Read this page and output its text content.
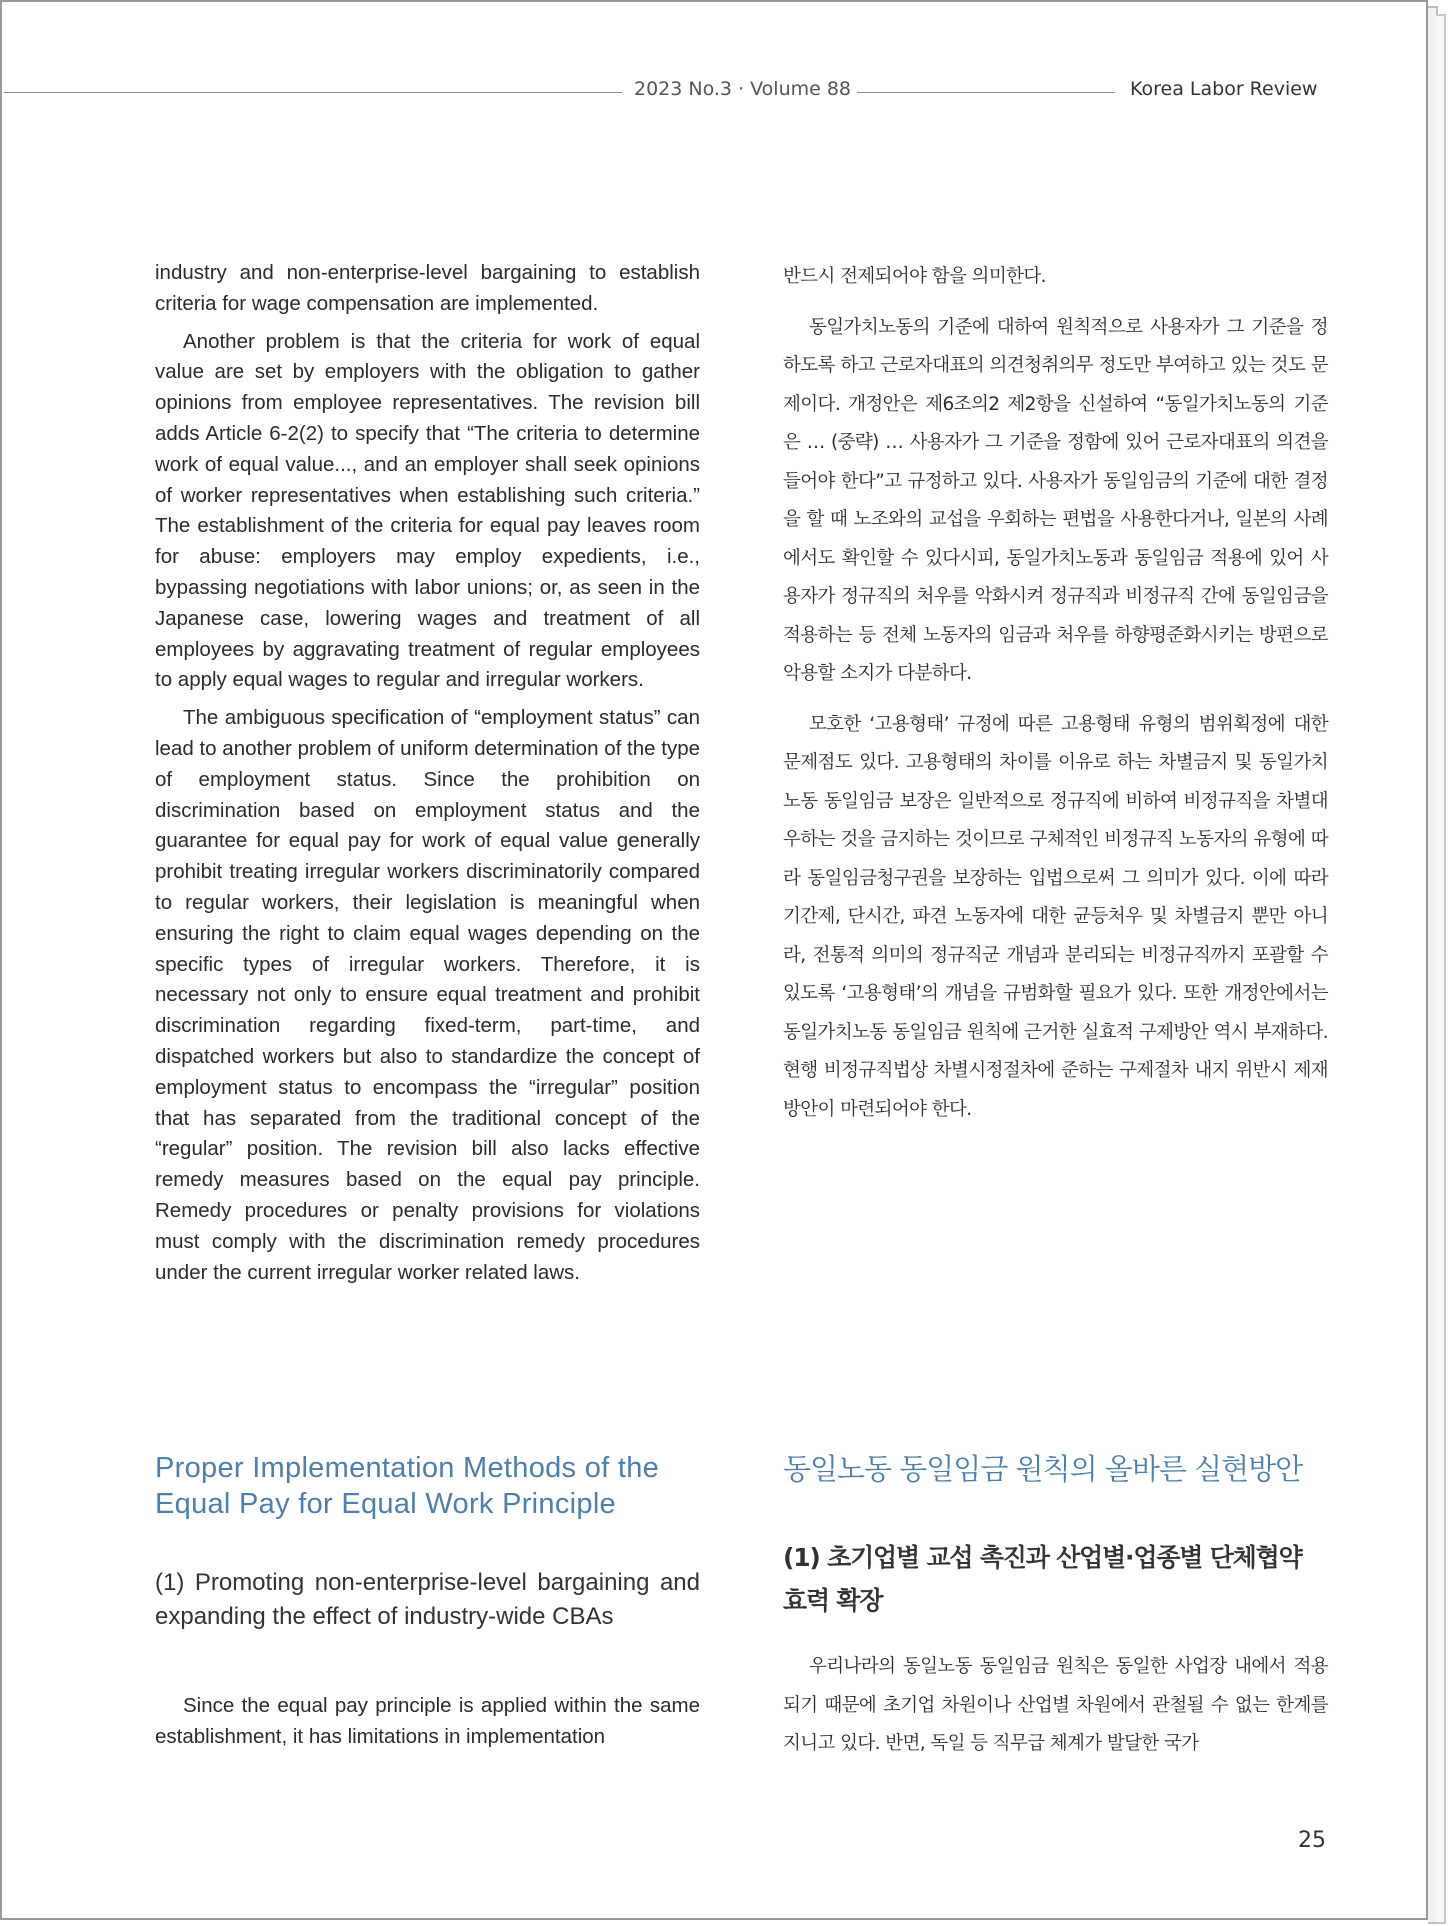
2023 No.3 · Volume 88	Korea Labor Review

industry and non-enterprise-level bargaining to establish criteria for wage compensation are implemented.

Another problem is that the criteria for work of equal value are set by employers with the obligation to gather opinions from employee representatives. The revision bill adds Article 6-2(2) to specify that “The criteria to determine work of equal value..., and an employer shall seek opinions of worker representatives when establishing such criteria.” The establishment of the criteria for equal pay leaves room for abuse: employers may employ expedients, i.e., bypassing negotiations with labor unions; or, as seen in the Japanese case, lowering wages and treatment of all employees by aggravating treatment of regular employees to apply equal wages to regular and irregular workers.

The ambiguous specification of “employment status” can lead to another problem of uniform determination of the type of employment status. Since the prohibition on discrimination based on employment status and the guarantee for equal pay for work of equal value generally prohibit treating irregular workers discriminatorily compared to regular workers, their legislation is meaningful when ensuring the right to claim equal wages depending on the specific types of irregular workers. Therefore, it is necessary not only to ensure equal treatment and prohibit discrimination regarding fixed-term, part-time, and dispatched workers but also to standardize the concept of employment status to encompass the “irregular” position that has separated from the traditional concept of the “regular” position. The revision bill also lacks effective remedy measures based on the equal pay principle. Remedy procedures or penalty provisions for violations must comply with the discrimination remedy procedures under the current irregular worker related laws.

반드시 전제되어야 함을 의미한다.

동일가치노동의 기준에 대하여 원칙적으로 사용자가 그 기준을 정하도록 하고 근로자대표의 의견청취의무 정도만 부여하고 있는 것도 문제이다. 개정안은 제6조의2 제2항을 신설하여 “동일가치노동의 기준은 … (중략) … 사용자가 그 기준을 정함에 있어 근로자대표의 의견을 들어야 한다”고 규정하고 있다. 사용자가 동일임금의 기준에 대한 결정을 할 때 노조와의 교섭을 우회하는 편법을 사용한다거나, 일본의 사례에서도 확인할 수 있다시피, 동일가치노동과 동일임금 적용에 있어 사용자가 정규직의 처우를 악화시켜 정규직과 비정규직 간에 동일임금을 적용하는 등 전체 노동자의 임금과 처우를 하향평준화시키는 방편으로 악용할 소지가 다분하다.

모호한 ‘고용형태’ 규정에 따른 고용형태 유형의 범위획정에 대한 문제점도 있다. 고용형태의 차이를 이유로 하는 차별금지 및 동일가치노동 동일임금 보장은 일반적으로 정규직에 비하여 비정규직을 차별대우하는 것을 금지하는 것이므로 구체적인 비정규직 노동자의 유형에 따라 동일임금청구권을 보장하는 입법으로써 그 의미가 있다. 이에 따라 기간제, 단시간, 파견 노동자에 대한 균등처우 및 차별금지 뿐만 아니라, 전통적 의미의 정규직군 개념과 분리되는 비정규직까지 포괄할 수 있도록 ‘고용형태’의 개념을 규범화할 필요가 있다. 또한 개정안에서는 동일가치노동 동일임금 원칙에 근거한 실효적 구제방안 역시 부재하다. 현행 비정규직법상 차별시정절차에 준하는 구제절차 내지 위반시 제재방안이 마련되어야 한다.

Proper Implementation Methods of the Equal Pay for Equal Work Principle
(1) Promoting non-enterprise-level bargaining and expanding the effect of industry-wide CBAs
Since the equal pay principle is applied within the same establishment, it has limitations in implementation
동일노동 동일임금 원칙의 올바른 실현방안
(1) 초기업별 교섭 촉진과 산업별·업종별 단체협약 효력 확장
우리나라의 동일노동 동일임금 원칙은 동일한 사업장 내에서 적용되기 때문에 초기업 차원이나 산업별 차원에서 관철될 수 없는 한계를 지니고 있다. 반면, 독일 등 직무급 체계가 발달한 국가
25
